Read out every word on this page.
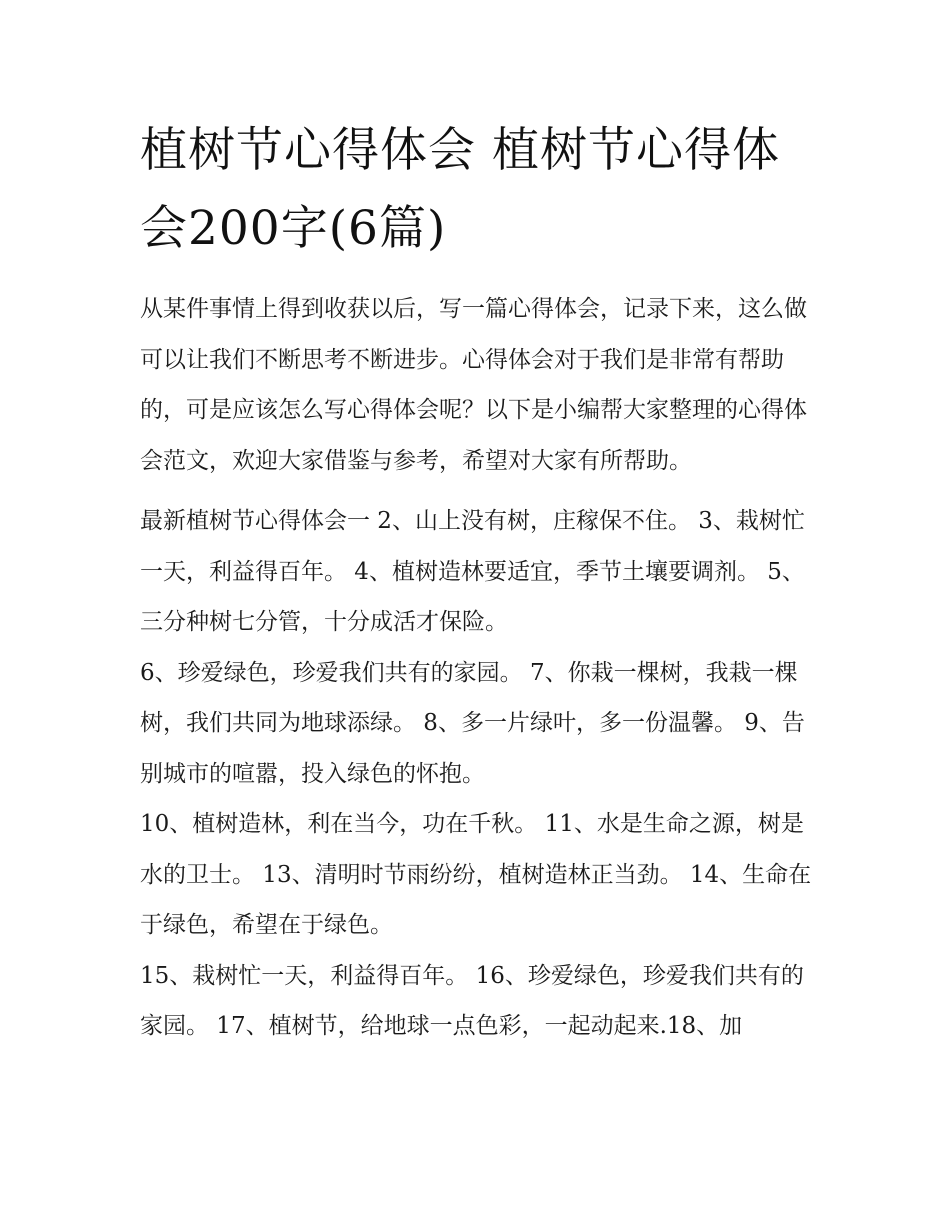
植树节心得体会 植树节心得体会200字(6篇)

从某件事情上得到收获以后，写一篇心得体会，记录下来，这么做可以让我们不断思考不断进步。心得体会对于我们是非常有帮助的，可是应该怎么写心得体会呢？以下是小编帮大家整理的心得体会范文，欢迎大家借鉴与参考，希望对大家有所帮助。

最新植树节心得体会一 2、山上没有树，庄稼保不住。 3、栽树忙一天，利益得百年。 4、植树造林要适宜，季节土壤要调剂。 5、三分种树七分管，十分成活才保险。

6、珍爱绿色，珍爱我们共有的家园。 7、你栽一棵树，我栽一棵树，我们共同为地球添绿。 8、多一片绿叶，多一份温馨。 9、告别城市的喧嚣，投入绿色的怀抱。

10、植树造林，利在当今，功在千秋。 11、水是生命之源，树是水的卫士。 13、清明时节雨纷纷，植树造林正当劲。 14、生命在于绿色，希望在于绿色。

15、栽树忙一天，利益得百年。 16、珍爱绿色，珍爱我们共有的家园。 17、植树节，给地球一点色彩，一起动起来.18、加
